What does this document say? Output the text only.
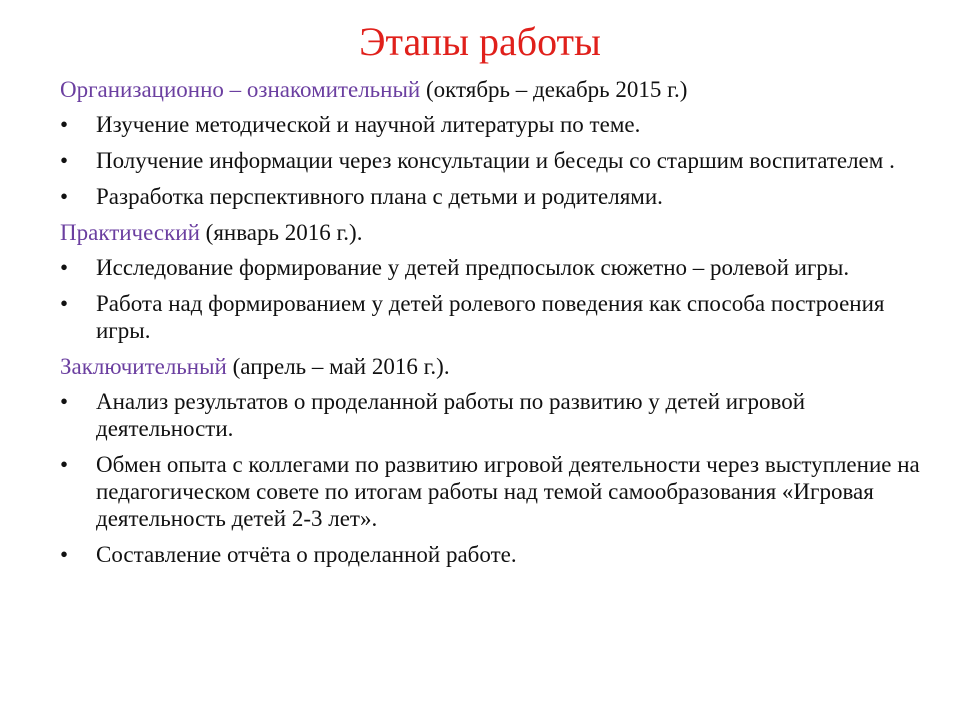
Этапы работы
Организационно – ознакомительный (октябрь – декабрь 2015 г.)
•	Изучение методической и научной литературы по теме.
•	Получение информации через консультации и беседы со старшим воспитателем .
•	Разработка перспективного плана с детьми и родителями.
Практический (январь 2016 г.).
•	Исследование формирование у детей предпосылок сюжетно – ролевой игры.
•	Работа над формированием у детей ролевого поведения как способа построения игры.
Заключительный (апрель – май 2016 г.).
•	Анализ результатов о проделанной работы по развитию у детей игровой деятельности.
•	Обмен опыта с коллегами по развитию игровой деятельности через выступление на педагогическом совете по итогам работы над темой самообразования «Игровая деятельность детей 2-3 лет».
•	Составление отчёта о проделанной работе.
